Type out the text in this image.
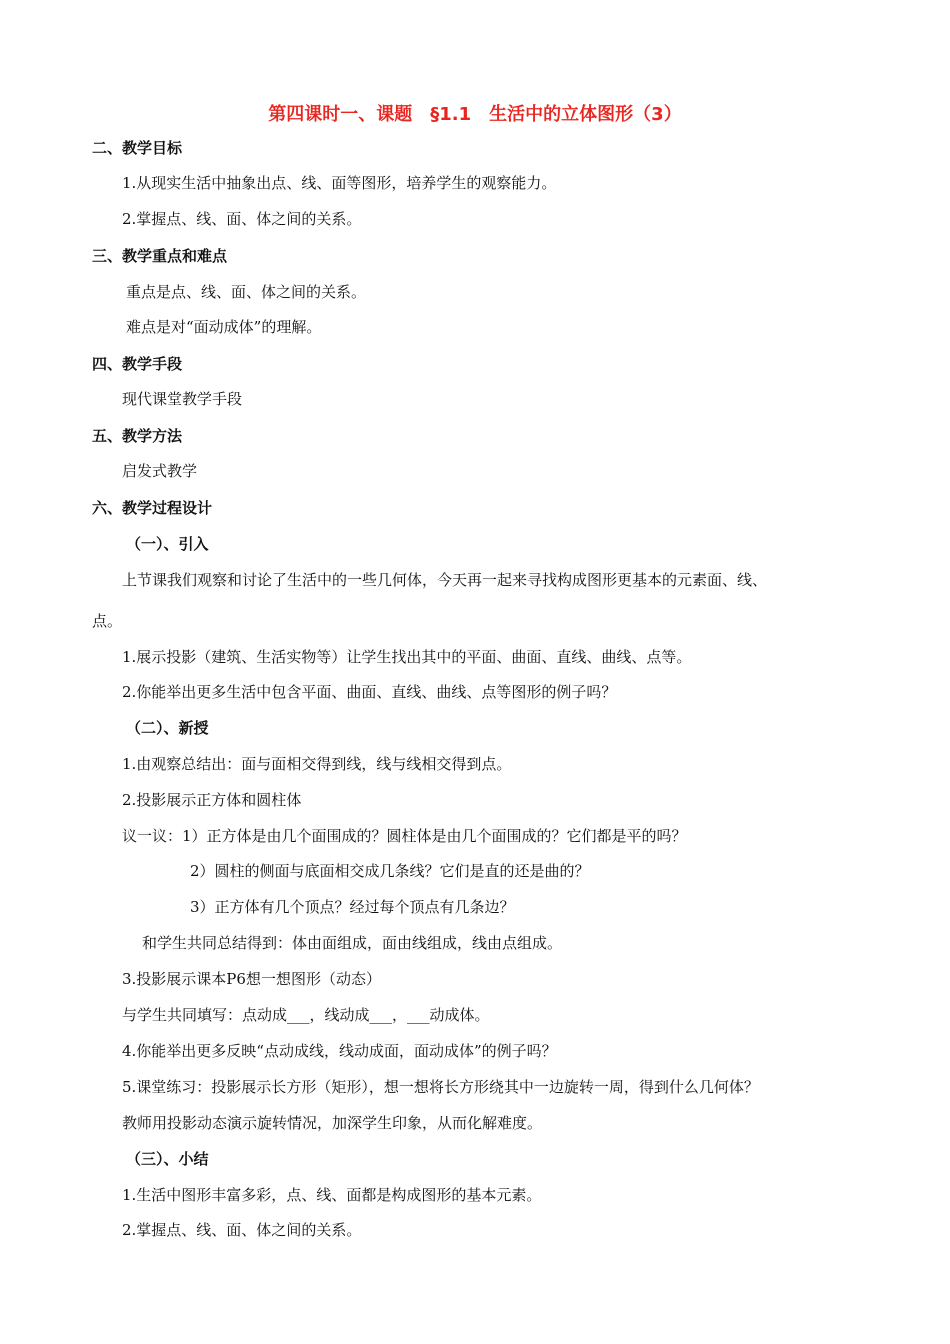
第四课时一、课题　§1.1　生活中的立体图形（3）
二、教学目标
1.从现实生活中抽象出点、线、面等图形，培养学生的观察能力。
2.掌握点、线、面、体之间的关系。
三、教学重点和难点
重点是点、线、面、体之间的关系。
难点是对“面动成体”的理解。
四、教学手段
现代课堂教学手段
五、教学方法
启发式教学
六、教学过程设计
（一）、引入
上节课我们观察和讨论了生活中的一些几何体，今天再一起来寻找构成图形更基本的元素面、线、
点。
1.展示投影（建筑、生活实物等）让学生找出其中的平面、曲面、直线、曲线、点等。
2.你能举出更多生活中包含平面、曲面、直线、曲线、点等图形的例子吗？
（二）、新授
1.由观察总结出：面与面相交得到线，线与线相交得到点。
2.投影展示正方体和圆柱体
议一议：1）正方体是由几个面围成的？圆柱体是由几个面围成的？它们都是平的吗？
2）圆柱的侧面与底面相交成几条线？它们是直的还是曲的？
3）正方体有几个顶点？经过每个顶点有几条边？
和学生共同总结得到：体由面组成，面由线组成，线由点组成。
3.投影展示课本P6想一想图形（动态）
与学生共同填写：点动成___，线动成___，___动成体。
4.你能举出更多反映“点动成线，线动成面，面动成体”的例子吗？
5.课堂练习：投影展示长方形（矩形），想一想将长方形绕其中一边旋转一周，得到什么几何体？
教师用投影动态演示旋转情况，加深学生印象，从而化解难度。
（三）、小结
1.生活中图形丰富多彩，点、线、面都是构成图形的基本元素。
2.掌握点、线、面、体之间的关系。
